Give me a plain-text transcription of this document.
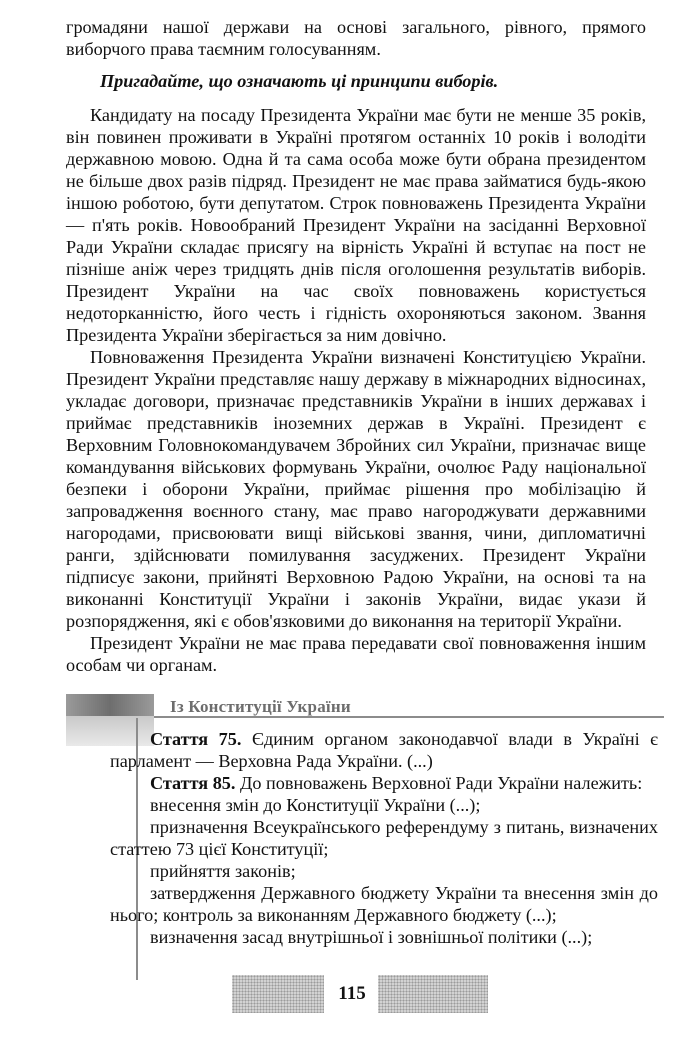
громадяни нашої держави на основі загального, рівного, прямого виборчого права таємним голосуванням.

Пригадайте, що означають ці принципи виборів.

Кандидату на посаду Президента України має бути не менше 35 років, він повинен проживати в Україні протягом останніх 10 років і володіти державною мовою. Одна й та сама особа може бути обрана президентом не більше двох разів підряд. Президент не має права займатися будь-якою іншою роботою, бути депутатом. Строк повноважень Президента України — п'ять років. Новообраний Президент України на засіданні Верховної Ради України складає присягу на вірність Україні й вступає на пост не пізніше аніж через тридцять днів після оголошення результатів виборів. Президент України на час своїх повноважень користується недоторканністю, його честь і гідність охороняються законом. Звання Президента України зберігається за ним довічно.

Повноваження Президента України визначені Конституцією України. Президент України представляє нашу державу в міжнародних відносинах, укладає договори, призначає представників України в інших державах і приймає представників іноземних держав в Україні. Президент є Верховним Головнокомандувачем Збройних сил України, призначає вище командування військових формувань України, очолює Раду національної безпеки і оборони України, приймає рішення про мобілізацію й запровадження воєнного стану, має право нагороджувати державними нагородами, присвоювати вищі військові звання, чини, дипломатичні ранги, здійснювати помилування засуджених. Президент України підписує закони, прийняті Верховною Радою України, на основі та на виконанні Конституції України і законів України, видає укази й розпорядження, які є обов'язковими до виконання на території України.

Президент України не має права передавати свої повноваження іншим особам чи органам.

Із Конституції України

Стаття 75. Єдиним органом законодавчої влади в Україні є парламент — Верховна Рада України. (...)

Стаття 85. До повноважень Верховної Ради України належить:

внесення змін до Конституції України (...);

призначення Всеукраїнського референдуму з питань, визначених статтею 73 цієї Конституції;

прийняття законів;

затвердження Державного бюджету України та внесення змін до нього; контроль за виконанням Державного бюджету (...);

визначення засад внутрішньої і зовнішньої політики (...);

115
